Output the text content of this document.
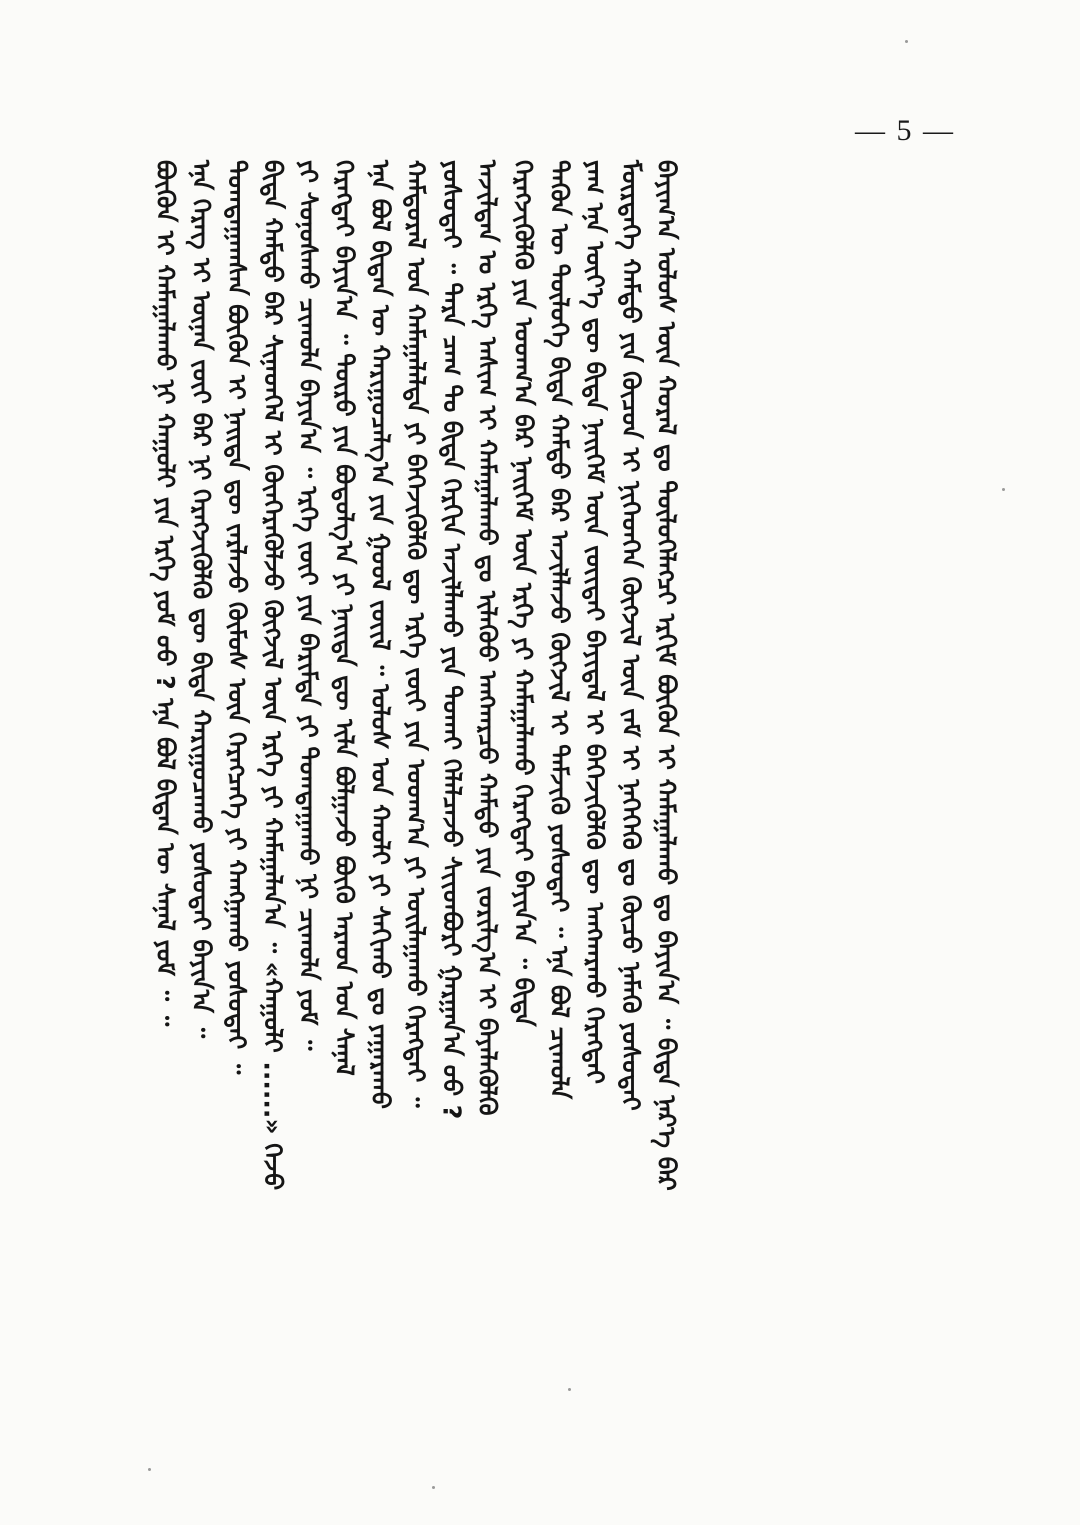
— 5 —
ᠪᠦᠬᠦᠨ ᠢ ᠬᠠᠮᠠᠭᠠᠯᠠᠬᠤ ᠨᠢ ᠬᠠᠭᠤᠯᠢ ᠶᠢᠨ ᠡᠷᠬᠡ ᠶᠤᠮ ᠤᠤ ? ᠡᠨᠡ ᠪᠣᠯ ᠪᠢᠳᠡᠨ ᠦ ᠰᠠᠨᠠᠯ ᠶᠤᠮ ᠃ ᠃ ᠡᠨᠡ ᠬᠡᠷᠡᠭ ᠢ ᠦᠨᠡᠨ ᠵᠦᠢ ᠪᠠᠷ ᠨᠢ ᠬᠡᠷᠡᠭᠵᠢᠭᠦᠯᠬᠦ ᠳᠦ ᠪᠢᠳᠡ ᠬᠠᠷᠢᠭᠤᠴᠠᠬᠤ ᠶᠤᠰᠤᠲᠠᠢ ᠪᠠᠶᠢᠨ᠎ᠠ ᠃ ᠲᠣᠭᠲᠠᠭᠠᠭᠰᠠᠨ ᠪᠦᠬᠦᠨ ᠢ ᠨᠡᠢᠲᠡ ᠳᠦ ᠵᠠᠷᠯᠠᠵᠤ ᠬᠥᠮᠦᠰ ᠦᠨ ᠬᠡᠷᠡᠭᠴᠡᠭᠡ ᠶᠢ ᠬᠠᠩᠭᠠᠬᠤ ᠶᠤᠰᠤᠲᠠᠢ ᠃ ᠪᠢᠳᠡ ᠬᠠᠮᠲᠤ ᠪᠡᠷ ᠰᠢᠨᠡᠳᠬᠡᠯ ᠢ ᠭᠦᠨᠭᠡᠷᠡᠭᠦᠯᠵᠦ ᠬᠥᠭᠵᠢᠯ ᠦᠨ ᠡᠷᠬᠡ ᠶᠢ ᠬᠠᠮᠠᠭᠠᠯᠠᠨ᠎ᠠ ᠃ «ᠬᠠᠭᠤᠯᠢ ......» ᠬᠡᠵᠦ ᠶᠢ ᠰᠣᠨᠣᠰᠬᠤ ᠴᠢᠬᠤᠯᠠ ᠪᠠᠶᠢᠨ᠎ᠠ ᠃ ᠡᠷᠬᠡ ᠵᠦᠢ ᠶᠢᠨ ᠪᠠᠷᠢᠮᠲᠠ ᠶᠢ ᠲᠣᠭᠲᠠᠭᠠᠬᠤ ᠨᠢ ᠴᠢᠬᠤᠯᠠ ᠶᠤᠮ ᠃ ᠬᠡᠷᠡᠭᠲᠡᠢ ᠪᠠᠶᠢᠨ᠎ᠠ ᠃ ᠲᠥᠷᠥ ᠶᠢᠨ ᠪᠣᠳᠣᠯᠭ᠎ᠠ ᠶᠢ ᠨᠡᠢᠲᠡ ᠳᠦ ᠢᠯᠡ ᠪᠣᠯᠭᠠᠵᠤ ᠪᠦᠬᠦ ᠠᠷᠠᠳ ᠤᠨ ᠰᠠᠨᠠᠯ ᠡᠨᠡ ᠪᠣᠯ ᠪᠢᠳᠡᠨ ᠦ ᠬᠠᠷᠢᠭᠤᠴᠠᠯᠭ᠎ᠠ ᠶᠢᠨ ᠭᠣᠣᠯ ᠵᠦᠢᠯ ᠃ ᠤᠯᠤᠰ ᠤᠨ ᠬᠠᠤᠯᠢ ᠶᠢ ᠰᠠᠬᠢᠬᠤ ᠳᠤ ᠶᠠᠭᠠᠷᠠᠬᠤ ᠬᠠᠮᠲᠤᠷᠠᠯ ᠤᠨ ᠬᠠᠮᠠᠭᠠᠯᠠᠯᠲᠠ ᠶᠢ ᠪᠡᠬᠡᠵᠢᠭᠦᠯᠬᠦ ᠳᠦ ᠡᠷᠬᠡ ᠵᠦᠢ ᠶᠢᠨ ᠤᠳᠬ᠎ᠠ ᠶᠢ ᠤᠢᠯᠠᠭᠠᠬᠤ ᠬᠡᠷᠡᠭᠲᠡᠢ ᠃ ᠶᠤᠰᠤᠲᠠᠢ ᠃ ᠲᠡᠷᠡ ᠴᠠᠭ ᠲᠤ ᠪᠢᠳᠡ ᠬᠡᠷᠬᠢᠨ ᠠᠵᠢᠯᠯᠠᠬᠤ ᠶᠢᠨ ᠲᠤᠬᠠᠢ ᠬᠡᠯᠡᠯᠴᠡᠵᠦ ᠰᠢᠢᠳᠪᠦᠷᠢ ᠭᠠᠷᠭᠠᠨ᠎ᠠ ᠤᠤ ? ᠠᠵᠢᠯᠲᠠᠨ ᠤ ᠡᠷᠬᠡ ᠠᠰᠢᠭ ᠢ ᠬᠠᠮᠠᠭᠠᠯᠠᠬᠤ ᠳᠤ ᠢᠯᠡᠭᠦᠦ ᠠᠩᠬᠠᠷᠴᠤ ᠬᠠᠮᠲᠤ ᠶᠢᠨ ᠵᠣᠷᠢᠯᠭ᠎ᠠ ᠢ ᠪᠡᠶᠡᠯᠡᠭᠦᠯᠬᠦ ᠬᠡᠷᠡᠭᠵᠢᠭᠦᠯᠬᠦ ᠶᠢᠨ ᠤᠳᠬ᠎ᠠ ᠪᠠᠷ ᠨᠡᠢᠭᠡᠮ ᠦᠨ ᠡᠷᠬᠡ ᠶᠢ ᠬᠠᠮᠠᠭᠠᠯᠠᠬᠤ ᠬᠡᠷᠡᠭᠲᠡᠢ ᠪᠠᠶᠢᠨ᠎ᠠ ᠃ ᠪᠢᠳᠡ ᠲᠡᠭᠦᠨ ᠦ ᠲᠥᠯᠦᠭᠡ ᠪᠢᠳᠡ ᠬᠠᠮᠲᠤ ᠪᠡᠷ ᠠᠵᠢᠯᠯᠠᠵᠤ ᠬᠥᠭᠵᠢᠯ ᠢ ᠳᠡᠮᠵᠢᠬᠦ ᠶᠤᠰᠤᠲᠠᠢ ᠃ ᠡᠨᠡ ᠪᠣᠯ ᠴᠢᠬᠤᠯᠠ ᠶᠠᠭ ᠡᠨᠡ ᠦᠶ᠎ᠡ ᠳᠦ ᠪᠢᠳᠡ ᠨᠡᠢᠭᠡᠮ ᠦᠨ ᠵᠦᠢᠲᠡᠢ ᠪᠠᠶᠢᠳᠠᠯ ᠢ ᠪᠡᠬᠡᠵᠢᠭᠦᠯᠬᠦ ᠳᠦ ᠠᠨᠭᠬᠠᠷᠬᠤ ᠬᠡᠷᠡᠭᠲᠡᠢ ᠮᠥᠷᠲᠡᠭᠡ ᠬᠠᠮᠲᠤ ᠶᠢᠨ ᠬᠦᠴᠦᠨ ᠢ ᠨᠢᠭᠡᠳᠬᠡᠨ ᠬᠥᠭᠵᠢᠯ ᠦᠨ ᠵᠠᠮ ᠢ ᠨᠡᠭᠡᠭᠡᠬᠦ ᠳᠤ ᠬᠦᠴᠦ ᠨᠡᠮᠡᠬᠦ ᠶᠤᠰᠤᠲᠠᠢ ᠪᠠᠶᠢᠭ᠎ᠠ ᠤᠯᠤᠰ ᠦᠨ ᠬᠤᠷᠠᠯ ᠳᠤ ᠲᠥᠯᠦᠭᠡᠯᠡᠭᠴᠢ ᠡᠷᠬᠢᠮ ᠪᠦᠬᠦᠨ ᠢ ᠬᠠᠮᠠᠭᠠᠯᠠᠬᠤ ᠳᠤ ᠪᠠᠶᠢᠨ᠎ᠠ ᠃ ᠪᠢᠳᠡ ᠨᠡᠷ᠎ᠡ ᠪᠠᠷ
